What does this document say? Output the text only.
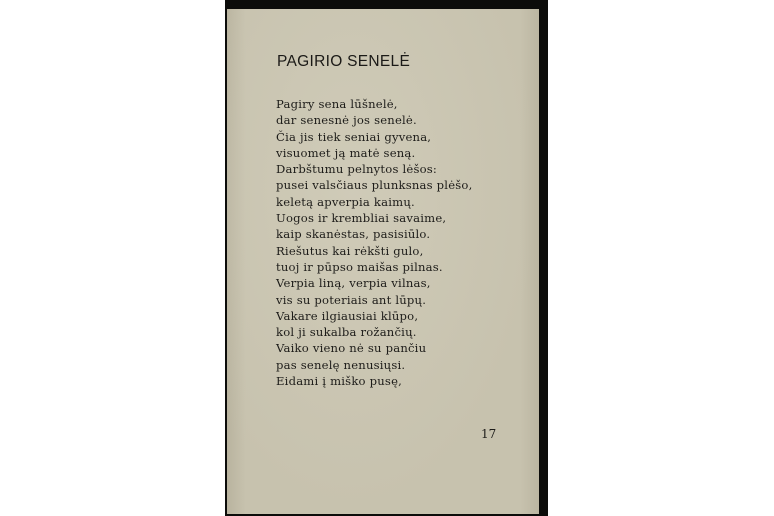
PAGIRIO SENELĖ
Pagiry sena lūšnelė,
dar senesnė jos senelė.
Čia jis tiek seniai gyvena,
visuomet ją matė seną.
Darbštumu pelnytos lėšos:
pusei valsčiaus plunksnas plėšo,
keletą apverpia kaimų.
Uogos ir krembliai savaime,
kaip skanėstas, pasisiūlo.
Riešutus kai rėkšti gulo,
tuoj ir pūpso maišas pilnas.
Verpia liną, verpia vilnas,
vis su poteriais ant lūpų.
Vakare ilgiausiai klūpo,
kol ji sukalba rožančių.
Vaiko vieno nė su pančiu
pas senelę nenusiųsi.
Eidami į miško pusę,
17
